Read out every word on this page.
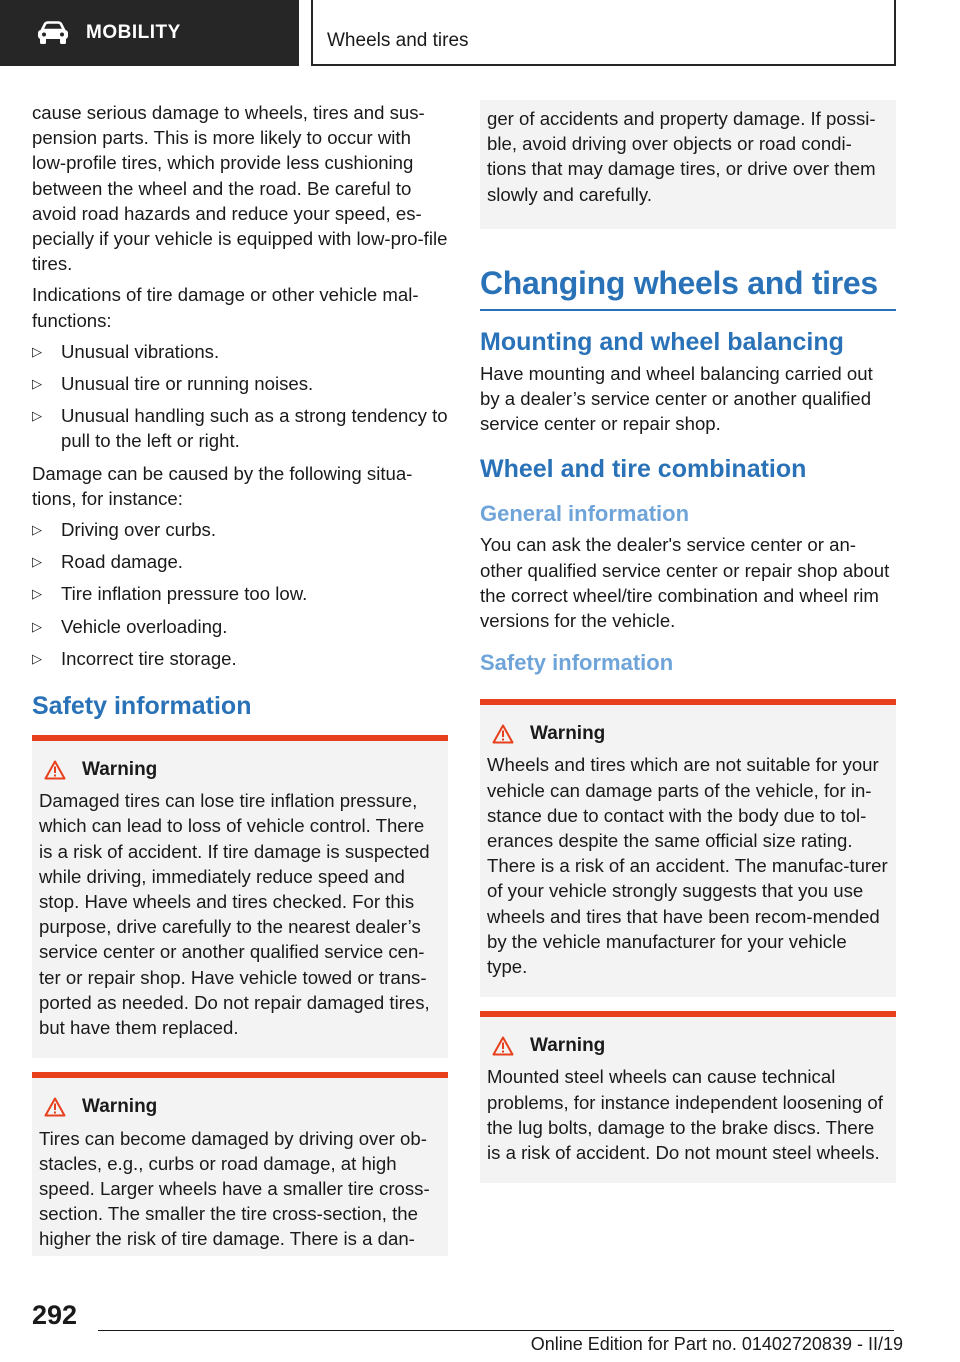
MOBILITY	Wheels and tires

cause serious damage to wheels, tires and sus-pension parts. This is more likely to occur with low-profile tires, which provide less cushioning between the wheel and the road. Be careful to avoid road hazards and reduce your speed, es-pecially if your vehicle is equipped with low-pro-file tires.

Indications of tire damage or other vehicle mal-functions:

▷ Unusual vibrations.
▷ Unusual tire or running noises.
▷ Unusual handling such as a strong tendency to pull to the left or right.

Damage can be caused by the following situa-tions, for instance:

▷ Driving over curbs.
▷ Road damage.
▷ Tire inflation pressure too low.
▷ Vehicle overloading.
▷ Incorrect tire storage.
Safety information
Warning

Damaged tires can lose tire inflation pressure, which can lead to loss of vehicle control. There is a risk of accident. If tire damage is suspected while driving, immediately reduce speed and stop. Have wheels and tires checked. For this purpose, drive carefully to the nearest dealer’s service center or another qualified service cen-ter or repair shop. Have vehicle towed or trans-ported as needed. Do not repair damaged tires, but have them replaced.

Warning

Tires can become damaged by driving over ob-stacles, e.g., curbs or road damage, at high speed. Larger wheels have a smaller tire cross-section. The smaller the tire cross-section, the higher the risk of tire damage. There is a dan-

ger of accidents and property damage. If possi-ble, avoid driving over objects or road condi-tions that may damage tires, or drive over them slowly and carefully.

Changing wheels and tires
Mounting and wheel balancing

Have mounting and wheel balancing carried out by a dealer’s service center or another qualified service center or repair shop.

Wheel and tire combination
General information

You can ask the dealer's service center or an-other qualified service center or repair shop about the correct wheel/tire combination and wheel rim versions for the vehicle.

Safety information
Warning

Wheels and tires which are not suitable for your vehicle can damage parts of the vehicle, for in-stance due to contact with the body due to tol-erances despite the same official size rating. There is a risk of an accident. The manufac-turer of your vehicle strongly suggests that you use wheels and tires that have been recom-mended by the vehicle manufacturer for your vehicle type.

Warning

Mounted steel wheels can cause technical problems, for instance independent loosening of the lug bolts, damage to the brake discs. There is a risk of accident. Do not mount steel wheels.

292
Online Edition for Part no. 01402720839 - II/19
